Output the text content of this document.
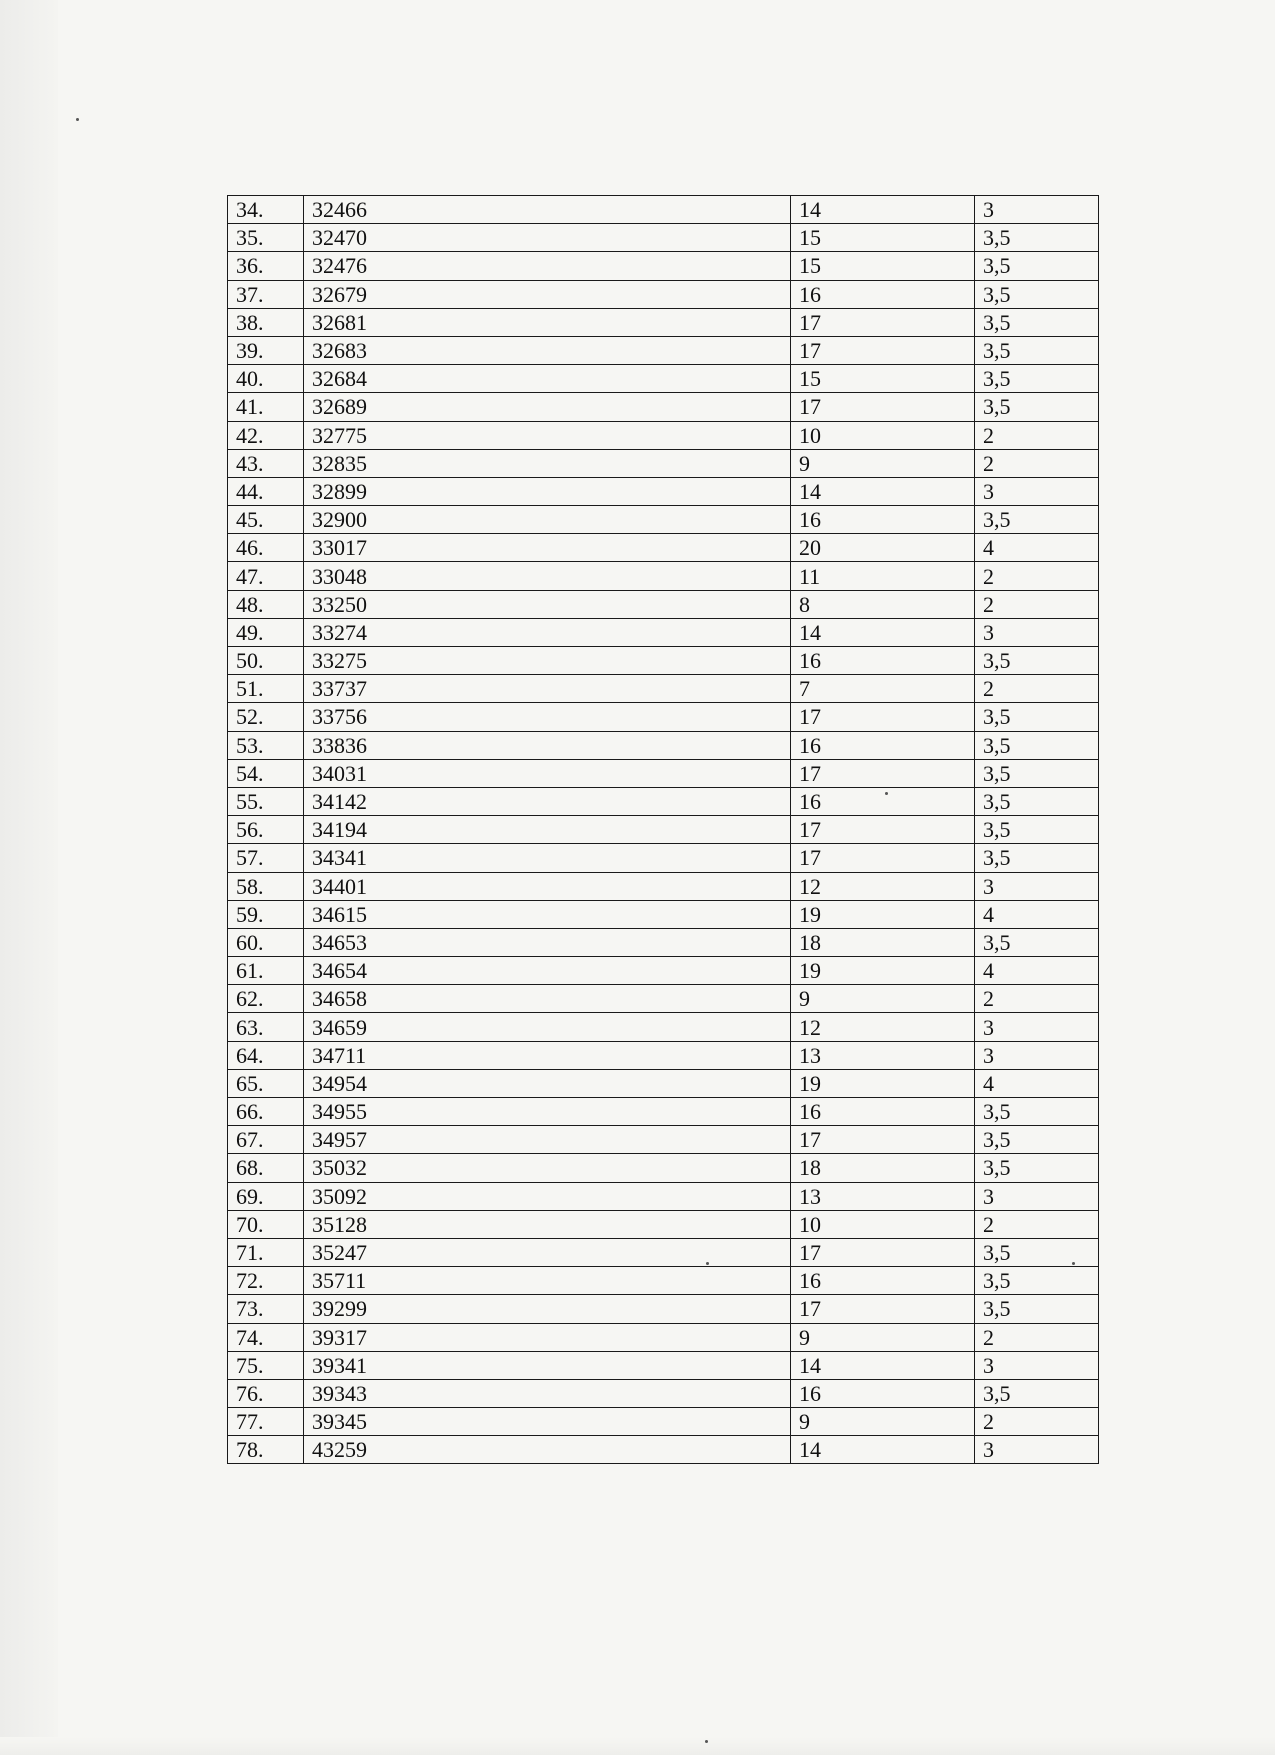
34.	32466	14	3
35.	32470	15	3,5
36.	32476	15	3,5
37.	32679	16	3,5
38.	32681	17	3,5
39.	32683	17	3,5
40.	32684	15	3,5
41.	32689	17	3,5
42.	32775	10	2
43.	32835	9	2
44.	32899	14	3
45.	32900	16	3,5
46.	33017	20	4
47.	33048	11	2
48.	33250	8	2
49.	33274	14	3
50.	33275	16	3,5
51.	33737	7	2
52.	33756	17	3,5
53.	33836	16	3,5
54.	34031	17	3,5
55.	34142	16	3,5
56.	34194	17	3,5
57.	34341	17	3,5
58.	34401	12	3
59.	34615	19	4
60.	34653	18	3,5
61.	34654	19	4
62.	34658	9	2
63.	34659	12	3
64.	34711	13	3
65.	34954	19	4
66.	34955	16	3,5
67.	34957	17	3,5
68.	35032	18	3,5
69.	35092	13	3
70.	35128	10	2
71.	35247	17	3,5
72.	35711	16	3,5
73.	39299	17	3,5
74.	39317	9	2
75.	39341	14	3
76.	39343	16	3,5
77.	39345	9	2
78.	43259	14	3
